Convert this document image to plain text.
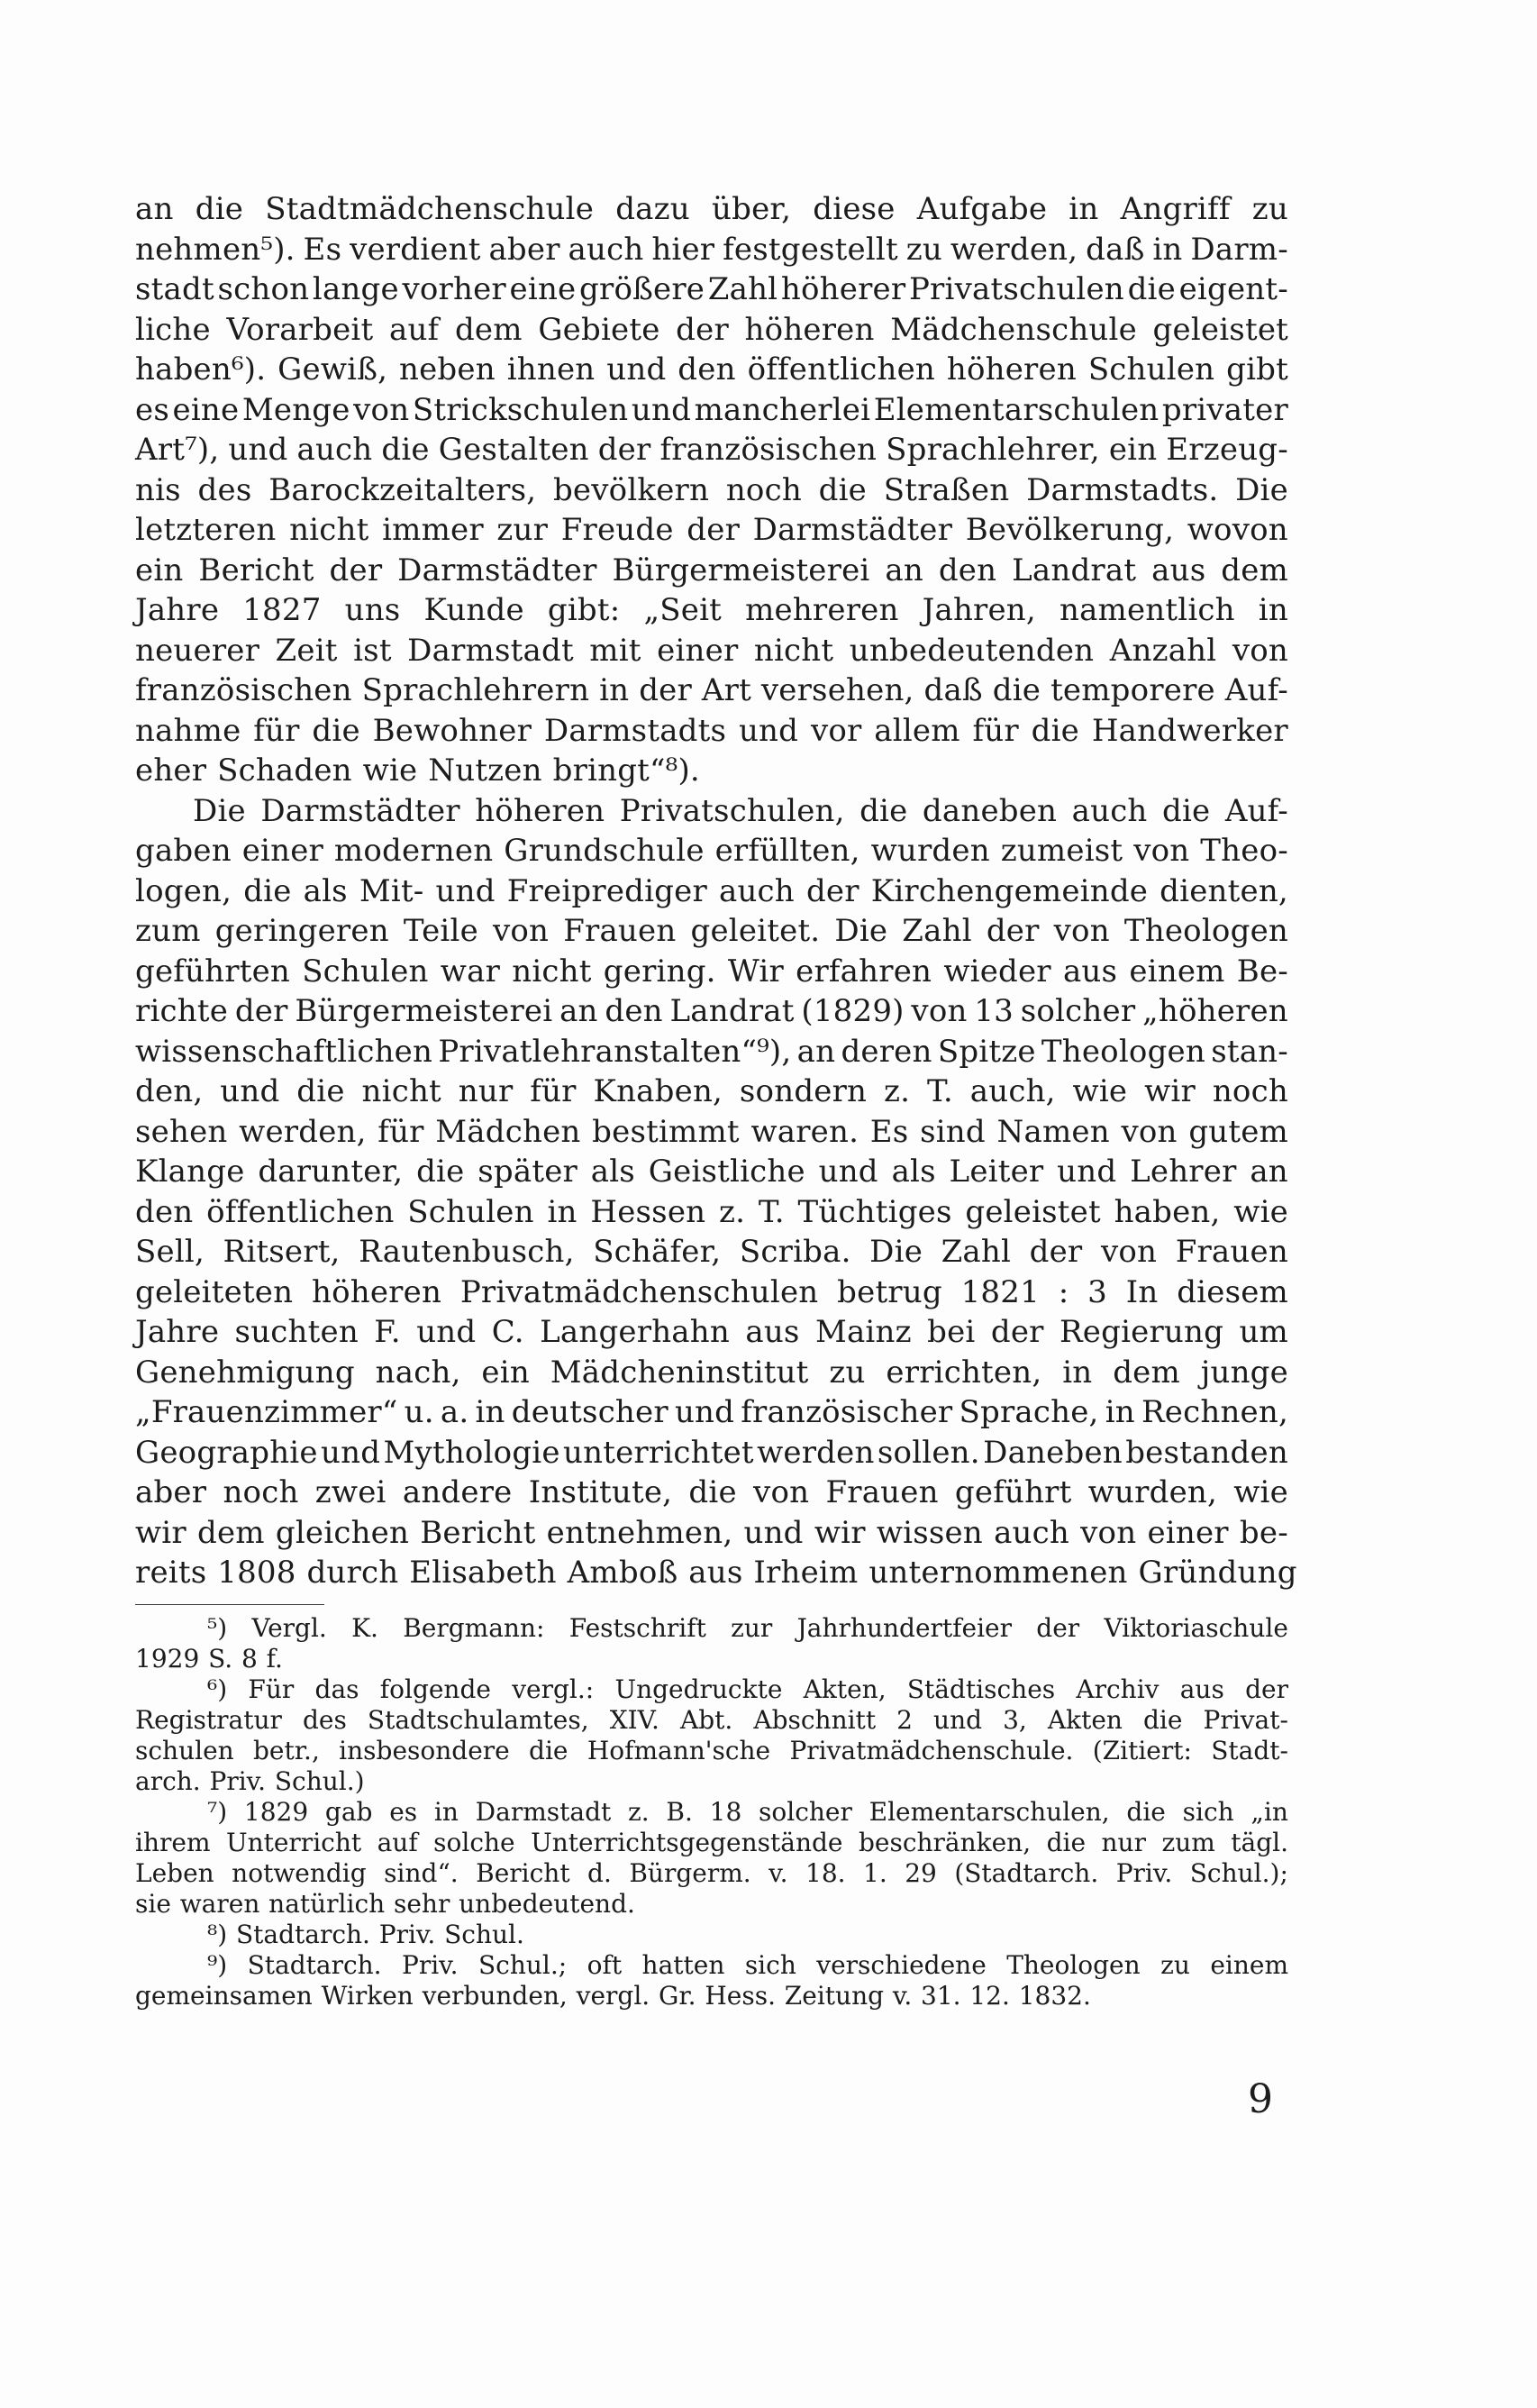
an die Stadtmädchenschule dazu über, diese Aufgabe in Angriff zu
nehmen⁵). Es verdient aber auch hier festgestellt zu werden, daß in Darm-
stadt schon lange vorher eine größere Zahl höherer Privatschulen die eigent-
liche Vorarbeit auf dem Gebiete der höheren Mädchenschule geleistet
haben⁶). Gewiß, neben ihnen und den öffentlichen höheren Schulen gibt
es eine Menge von Strickschulen und mancherlei Elementarschulen privater
Art⁷), und auch die Gestalten der französischen Sprachlehrer, ein Erzeug-
nis des Barockzeitalters, bevölkern noch die Straßen Darmstadts. Die
letzteren nicht immer zur Freude der Darmstädter Bevölkerung, wovon
ein Bericht der Darmstädter Bürgermeisterei an den Landrat aus dem
Jahre 1827 uns Kunde gibt: „Seit mehreren Jahren, namentlich in
neuerer Zeit ist Darmstadt mit einer nicht unbedeutenden Anzahl von
französischen Sprachlehrern in der Art versehen, daß die temporere Auf-
nahme für die Bewohner Darmstadts und vor allem für die Handwerker
eher Schaden wie Nutzen bringt“⁸).
Die Darmstädter höheren Privatschulen, die daneben auch die Auf-
gaben einer modernen Grundschule erfüllten, wurden zumeist von Theo-
logen, die als Mit- und Freiprediger auch der Kirchengemeinde dienten,
zum geringeren Teile von Frauen geleitet. Die Zahl der von Theologen
geführten Schulen war nicht gering. Wir erfahren wieder aus einem Be-
richte der Bürgermeisterei an den Landrat (1829) von 13 solcher „höheren
wissenschaftlichen Privatlehranstalten“⁹), an deren Spitze Theologen stan-
den, und die nicht nur für Knaben, sondern z. T. auch, wie wir noch
sehen werden, für Mädchen bestimmt waren. Es sind Namen von gutem
Klange darunter, die später als Geistliche und als Leiter und Lehrer an
den öffentlichen Schulen in Hessen z. T. Tüchtiges geleistet haben, wie
Sell, Ritsert, Rautenbusch, Schäfer, Scriba. Die Zahl der von Frauen
geleiteten höheren Privatmädchenschulen betrug 1821 : 3 In diesem
Jahre suchten F. und C. Langerhahn aus Mainz bei der Regierung um
Genehmigung nach, ein Mädcheninstitut zu errichten, in dem junge
„Frauenzimmer“ u. a. in deutscher und französischer Sprache, in Rechnen,
Geographie und Mythologie unterrichtet werden sollen. Daneben bestanden
aber noch zwei andere Institute, die von Frauen geführt wurden, wie
wir dem gleichen Bericht entnehmen, und wir wissen auch von einer be-
reits 1808 durch Elisabeth Amboß aus Irheim unternommenen Gründung
⁵) Vergl. K. Bergmann: Festschrift zur Jahrhundertfeier der Viktoriaschule
1929 S. 8 f.
⁶) Für das folgende vergl.: Ungedruckte Akten, Städtisches Archiv aus der
Registratur des Stadtschulamtes, XIV. Abt. Abschnitt 2 und 3, Akten die Privat-
schulen betr., insbesondere die Hofmann'sche Privatmädchenschule. (Zitiert: Stadt-
arch. Priv. Schul.)
⁷) 1829 gab es in Darmstadt z. B. 18 solcher Elementarschulen, die sich „in
ihrem Unterricht auf solche Unterrichtsgegenstände beschränken, die nur zum tägl.
Leben notwendig sind“. Bericht d. Bürgerm. v. 18. 1. 29 (Stadtarch. Priv. Schul.);
sie waren natürlich sehr unbedeutend.
⁸) Stadtarch. Priv. Schul.
⁹) Stadtarch. Priv. Schul.; oft hatten sich verschiedene Theologen zu einem
gemeinsamen Wirken verbunden, vergl. Gr. Hess. Zeitung v. 31. 12. 1832.
9
